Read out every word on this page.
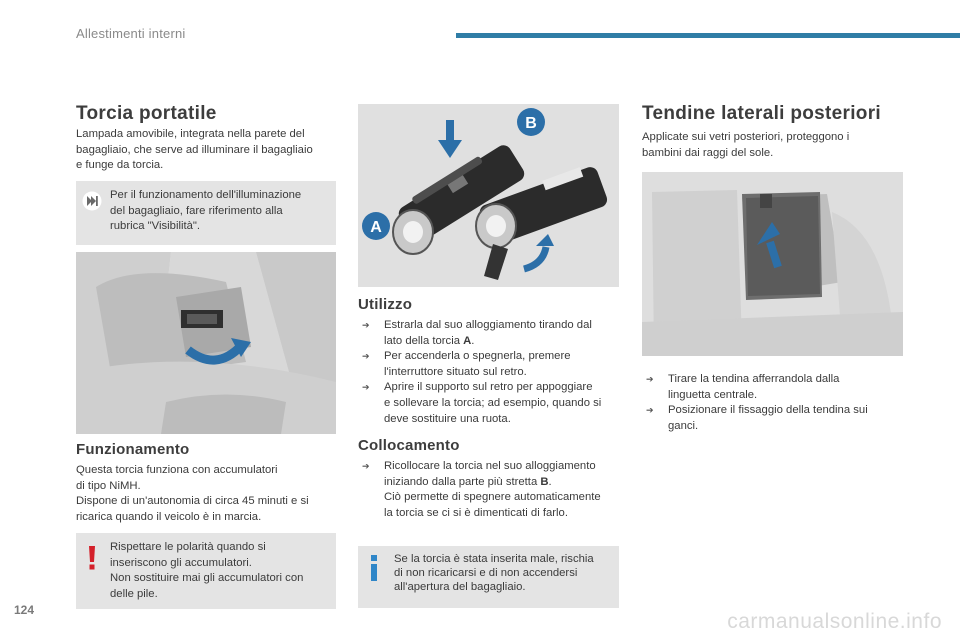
Allestimenti interni
Torcia portatile
Lampada amovibile, integrata nella parete del
bagagliaio, che serve ad illuminare il bagagliaio
e funge da torcia.
Per il funzionamento dell'illuminazione
del bagagliaio, fare riferimento alla
rubrica "Visibilità".
Funzionamento
Questa torcia funziona con accumulatori
di tipo NiMH.
Dispone di un'autonomia di circa 45 minuti e si
ricarica quando il veicolo è in marcia.
Rispettare le polarità quando si
inseriscono gli accumulatori.
Non sostituire mai gli accumulatori con
delle pile.
A
B
Utilizzo
➔ Estrarla dal suo alloggiamento tirando dal
lato della torcia A.
➔ Per accenderla o spegnerla, premere
l'interruttore situato sul retro.
➔ Aprire il supporto sul retro per appoggiare
e sollevare la torcia; ad esempio, quando si
deve sostituire una ruota.
Collocamento
➔ Ricollocare la torcia nel suo alloggiamento
iniziando dalla parte più stretta B.
Ciò permette di spegnere automaticamente
la torcia se ci si è dimenticati di farlo.
Se la torcia è stata inserita male, rischia
di non ricaricarsi e di non accendersi
all'apertura del bagagliaio.
Tendine laterali posteriori
Applicate sui vetri posteriori, proteggono i
bambini dai raggi del sole.
➔ Tirare la tendina afferrandola dalla
linguetta centrale.
➔ Posizionare il fissaggio della tendina sui
ganci.
124	carmanualsonline.info
